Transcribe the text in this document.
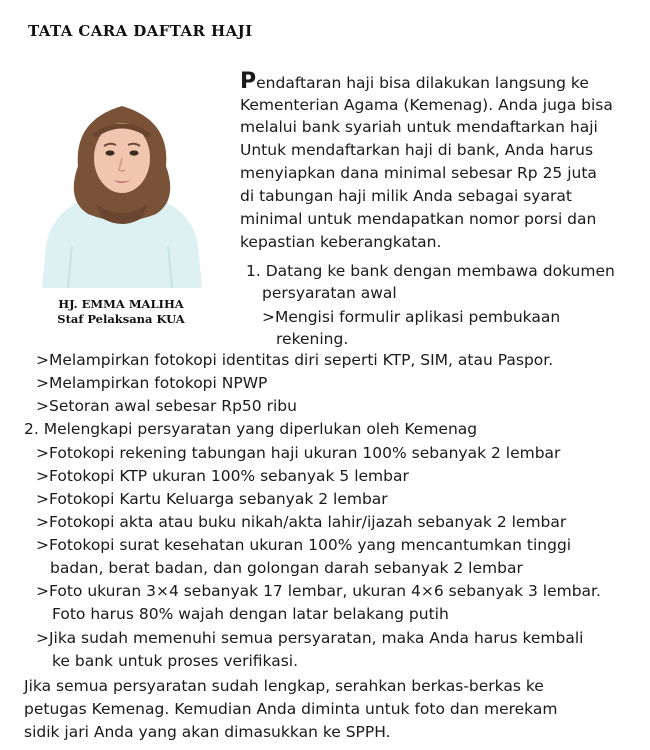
TATA CARA DAFTAR HAJI
HJ. EMMA MALIHA
Staf Pelaksana KUA

Pendaftaran haji bisa dilakukan langsung ke

Kementerian Agama (Kemenag). Anda juga bisa

melalui bank syariah untuk mendaftarkan haji

Untuk mendaftarkan haji di bank, Anda harus

menyiapkan dana minimal sebesar Rp 25 juta

di tabungan haji milik Anda sebagai syarat

minimal untuk mendapatkan nomor porsi dan

kepastian keberangkatan.

1. Datang ke bank dengan membawa dokumen

persyaratan awal

>Mengisi formulir aplikasi pembukaan

rekening.

>Melampirkan fotokopi identitas diri seperti KTP, SIM, atau Paspor.

>Melampirkan fotokopi NPWP

>Setoran awal sebesar Rp50 ribu

2. Melengkapi persyaratan yang diperlukan oleh Kemenag

>Fotokopi rekening tabungan haji ukuran 100% sebanyak 2 lembar

>Fotokopi KTP ukuran 100% sebanyak 5 lembar

>Fotokopi Kartu Keluarga sebanyak 2 lembar

>Fotokopi akta atau buku nikah/akta lahir/ijazah sebanyak 2 lembar

>Fotokopi surat kesehatan ukuran 100% yang mencantumkan tinggi

badan, berat badan, dan golongan darah sebanyak 2 lembar

>Foto ukuran 3×4 sebanyak 17 lembar, ukuran 4×6 sebanyak 3 lembar.

Foto harus 80% wajah dengan latar belakang putih

>Jika sudah memenuhi semua persyaratan, maka Anda harus kembali

ke bank untuk proses verifikasi.

Jika semua persyaratan sudah lengkap, serahkan berkas-berkas ke

petugas Kemenag. Kemudian Anda diminta untuk foto dan merekam

sidik jari Anda yang akan dimasukkan ke SPPH.
